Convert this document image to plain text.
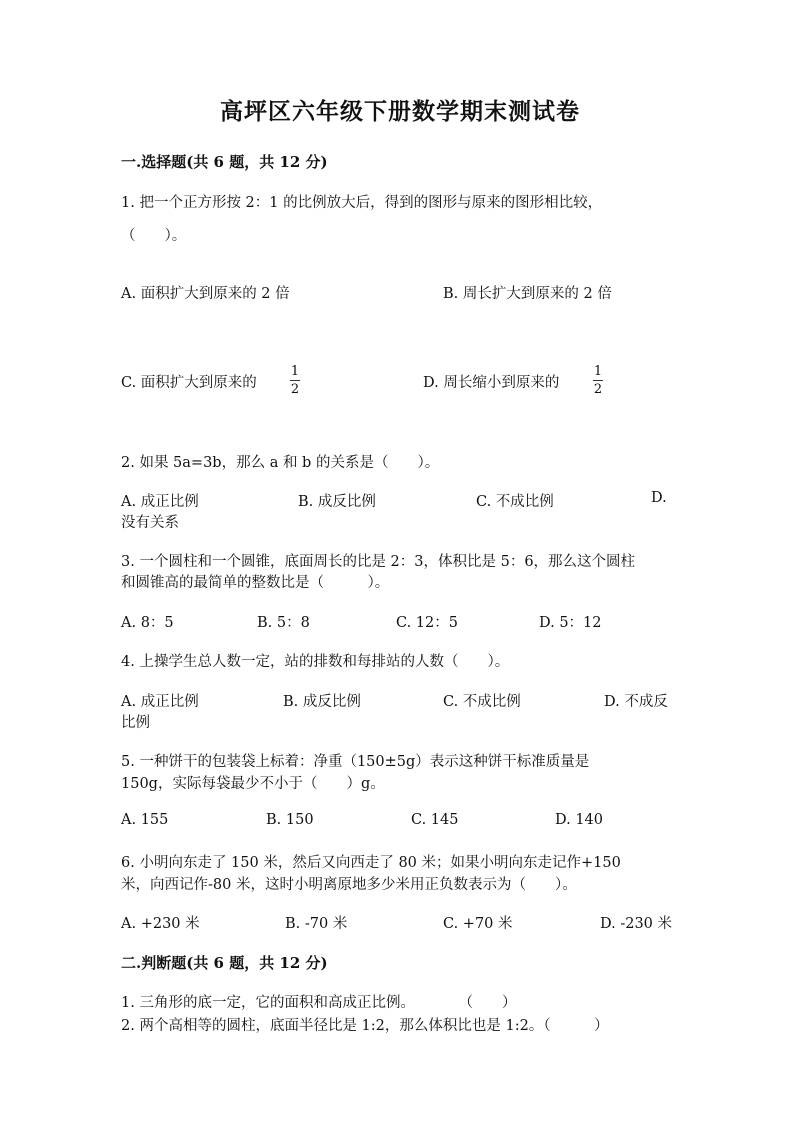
高坪区六年级下册数学期末测试卷
一.选择题(共 6 题，共 12 分)
1. 把一个正方形按 2：1 的比例放大后，得到的图形与原来的图形相比较，
（　　）。
A. 面积扩大到原来的 2 倍	B. 周长扩大到原来的 2 倍
C. 面积扩大到原来的
1
2	D. 周长缩小到原来的
1
2
2. 如果 5a=3b，那么 a 和 b 的关系是（　　）。
A. 成正比例	B. 成反比例	C. 不成比例	D.
没有关系
3. 一个圆柱和一个圆锥，底面周长的比是 2：3，体积比是 5：6，那么这个圆柱
和圆锥高的最简单的整数比是（　　　）。
A. 8：5	B. 5：8	C. 12：5	D. 5：12
4. 上操学生总人数一定，站的排数和每排站的人数（　　）。
A. 成正比例	B. 成反比例	C. 不成比例	D. 不成反
比例
5. 一种饼干的包装袋上标着：净重（150±5g）表示这种饼干标准质量是
150g，实际每袋最少不小于（　　）g。
A. 155	B. 150	C. 145	D. 140
6. 小明向东走了 150 米，然后又向西走了 80 米；如果小明向东走记作+150
米，向西记作-80 米，这时小明离原地多少米用正负数表示为（　　）。
A. +230 米	B. -70 米	C. +70 米	D. -230 米
二.判断题(共 6 题，共 12 分)
1. 三角形的底一定，它的面积和高成正比例。　　　　（　　）
2. 两个高相等的圆柱，底面半径比是 1:2，那么体积比也是 1:2。（　　　）
